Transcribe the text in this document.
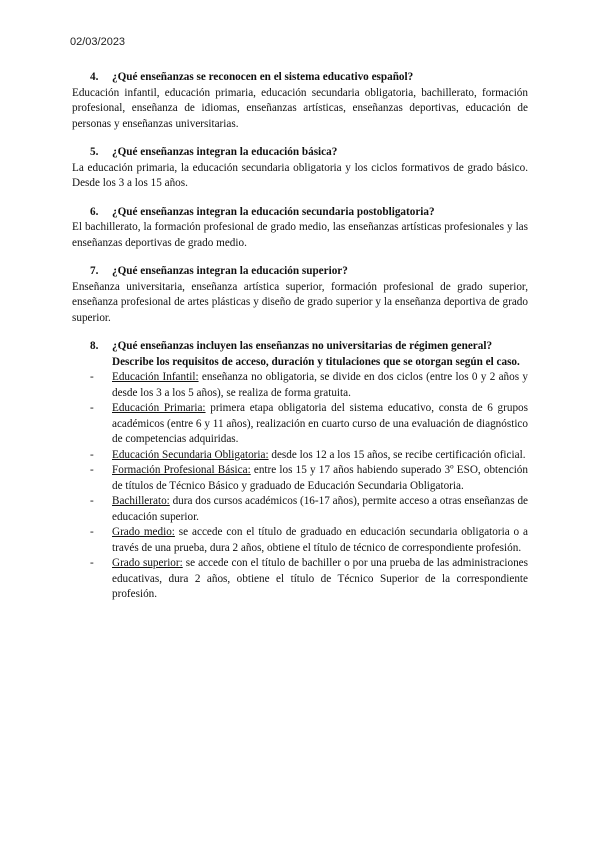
02/03/2023

4. ¿Qué enseñanzas se reconocen en el sistema educativo español?

Educación infantil, educación primaria, educación secundaria obligatoria, bachillerato, formación profesional, enseñanza de idiomas, enseñanzas artísticas, enseñanzas deportivas, educación de personas y enseñanzas universitarias.

5. ¿Qué enseñanzas integran la educación básica?

La educación primaria, la educación secundaria obligatoria y los ciclos formativos de grado básico. Desde los 3 a los 15 años.

6. ¿Qué enseñanzas integran la educación secundaria postobligatoria?

El bachillerato, la formación profesional de grado medio, las enseñanzas artísticas profesionales y las enseñanzas deportivas de grado medio.

7. ¿Qué enseñanzas integran la educación superior?

Enseñanza universitaria, enseñanza artística superior, formación profesional de grado superior, enseñanza profesional de artes plásticas y diseño de grado superior y la enseñanza deportiva de grado superior.

8. ¿Qué enseñanzas incluyen las enseñanzas no universitarias de régimen general? Describe los requisitos de acceso, duración y titulaciones que se otorgan según el caso.

- Educación Infantil: enseñanza no obligatoria, se divide en dos ciclos (entre los 0 y 2 años y desde los 3 a los 5 años), se realiza de forma gratuita.
- Educación Primaria: primera etapa obligatoria del sistema educativo, consta de 6 grupos académicos (entre 6 y 11 años), realización en cuarto curso de una evaluación de diagnóstico de competencias adquiridas.
- Educación Secundaria Obligatoria: desde los 12 a los 15 años, se recibe certificación oficial.
- Formación Profesional Básica: entre los 15 y 17 años habiendo superado 3º ESO, obtención de títulos de Técnico Básico y graduado de Educación Secundaria Obligatoria.
- Bachillerato: dura dos cursos académicos (16-17 años), permite acceso a otras enseñanzas de educación superior.
- Grado medio: se accede con el título de graduado en educación secundaria obligatoria o a través de una prueba, dura 2 años, obtiene el título de técnico de correspondiente profesión.
- Grado superior: se accede con el título de bachiller o por una prueba de las administraciones educativas, dura 2 años, obtiene el título de Técnico Superior de la correspondiente profesión.
